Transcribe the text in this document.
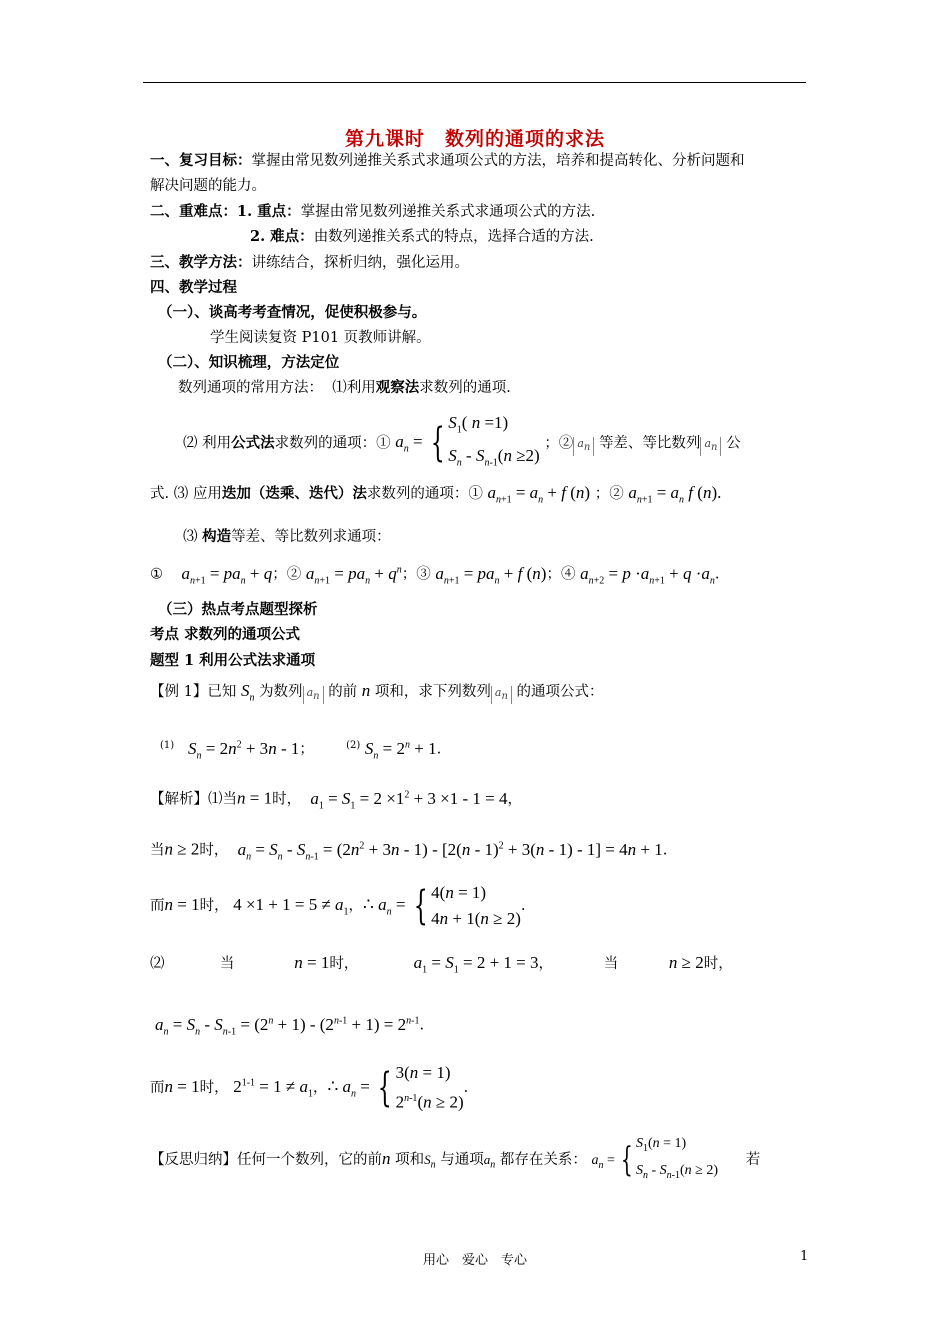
第九课时　数列的通项的求法
一、复习目标：掌握由常见数列递推关系式求通项公式的方法，培养和提高转化、分析问题和
解决问题的能力。
二、重难点：1. 重点：掌握由常见数列递推关系式求通项公式的方法.
2. 难点：由数列递推关系式的特点，选择合适的方法.
三、教学方法：讲练结合，探析归纳，强化运用。
四、教学过程
（一）、谈高考考查情况，促使积极参与。
学生阅读复资 P101 页教师讲解。
（二）、知识梳理，方法定位
数列通项的常用方法： ⑴利用观察法求数列的通项.
⑵ 利用公式法求数列的通项：① $a_n$ = { $S_1$( n =1)
$S_n - S_{n-1}(n \ge 2)$ ；② $a_n$ 等差、等比数列 $a_n$ 公
式. ⑶ 应用迭加（迭乘、迭代）法求数列的通项：① $a_{n+1} = a_n + f$ (n) ；② $a_{n+1} = a_n$ f (n).
⑶ 构造等差、等比数列求通项：
①    $a_{n+1} = pa_n + q$；② $a_{n+1} = pa_n + q^n$；③ $a_{n+1} = pa_n + f$ (n)；④ $a_{n+2} = p \cdot a_{n+1} + q \cdot a_n$.
（三）热点考点题型探析
考点 求数列的通项公式
题型 1 利用公式法求通项
【例 1】已知 $S_n$ 为数列 $a_n$ 的前 n 项和，求下列数列 $a_n$ 的通项公式：
$^{(1)}$ $S_n = 2n^2 + 3n - 1$；       $^{(2)}$ $S_n = 2^n + 1$.
【解析】⑴当n = 1时， $a_1 = S_1 = 2 \times 1^2 + 3 \times 1 - 1 = 4$，
当n ≥ 2时， $a_n = S_n - S_{n-1} = (2n^2 + 3n - 1) - [2(n - 1)^2 + 3(n - 1) - 1] = 4n + 1$.
而n = 1时， $4 \times 1 + 1 = 5 \ne a_1$，∴ $a_n$ = { 4(n = 1)
4n + 1(n ≥ 2).
⑵            当	n = 1时，	$a_1 = S_1 = 2 + 1 = 3$，           当	n ≥ 2时，
$a_n = S_n - S_{n-1} = (2^n + 1) - (2^{n-1} + 1) = 2^{n-1}$.
而n = 1时， $2^{1-1} = 1 \ne a_1$，∴ $a_n$ = { 3(n = 1)
$2^{n-1}(n \ge 2)$.
【反思归纳】任何一个数列，它的前n 项和$S_n$ 与通项$a_n$ 都存在关系： $a_n$ = { $S_1(n = 1)$
$S_n - S_{n-1}(n \ge 2)$      若
用心　爱心　专心	1
